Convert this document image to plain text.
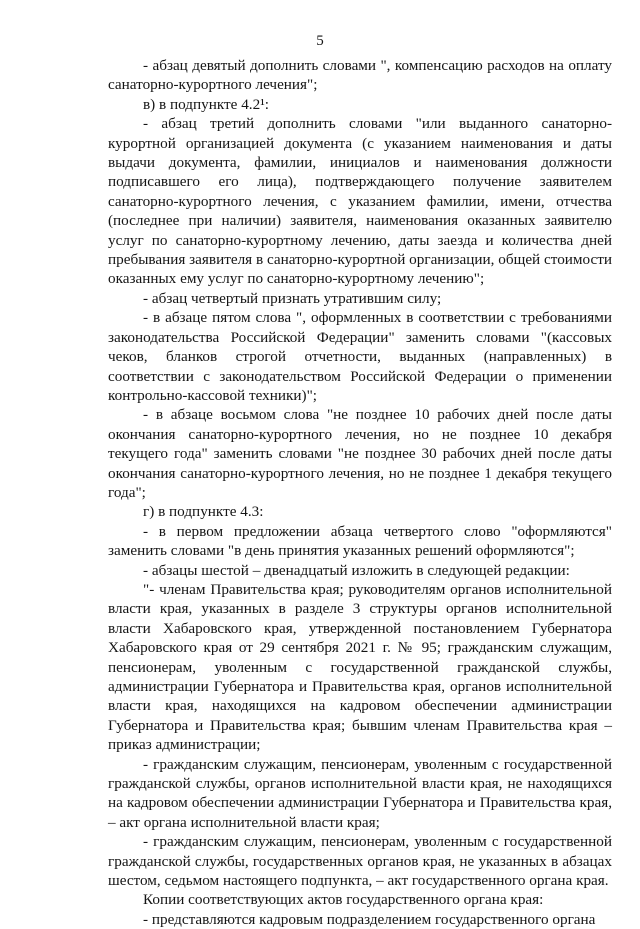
5

- абзац девятый дополнить словами ", компенсацию расходов на оплату санаторно-курортного лечения";

в) в подпункте 4.2¹:

- абзац третий дополнить словами "или выданного санаторно-курортной организацией документа (с указанием наименования и даты выдачи документа, фамилии, инициалов и наименования должности подписавшего его лица), подтверждающего получение заявителем санаторно-курортного лечения, с указанием фамилии, имени, отчества (последнее при наличии) заявителя, наименования оказанных заявителю услуг по санаторно-курортному лечению, даты заезда и количества дней пребывания заявителя в санаторно-курортной организации, общей стоимости оказанных ему услуг по санаторно-курортному лечению";

- абзац четвертый признать утратившим силу;

- в абзаце пятом слова ", оформленных в соответствии с требованиями законодательства Российской Федерации" заменить словами "(кассовых чеков, бланков строгой отчетности, выданных (направленных) в соответствии с законодательством Российской Федерации о применении контрольно-кассовой техники)";

- в абзаце восьмом слова "не позднее 10 рабочих дней после даты окончания санаторно-курортного лечения, но не позднее 10 декабря текущего года" заменить словами "не позднее 30 рабочих дней после даты окончания санаторно-курортного лечения, но не позднее 1 декабря текущего года";

г) в подпункте 4.3:

- в первом предложении абзаца четвертого слово "оформляются" заменить словами "в день принятия указанных решений оформляются";

- абзацы шестой – двенадцатый изложить в следующей редакции:

"- членам Правительства края; руководителям органов исполнительной власти края, указанных в разделе 3 структуры органов исполнительной власти Хабаровского края, утвержденной постановлением Губернатора Хабаровского края от 29 сентября 2021 г. № 95; гражданским служащим, пенсионерам, уволенным с государственной гражданской службы, администрации Губернатора и Правительства края, органов исполнительной власти края, находящихся на кадровом обеспечении администрации Губернатора и Правительства края; бывшим членам Правительства края – приказ администрации;

- гражданским служащим, пенсионерам, уволенным с государственной гражданской службы, органов исполнительной власти края, не находящихся на кадровом обеспечении администрации Губернатора и Правительства края, – акт органа исполнительной власти края;

- гражданским служащим, пенсионерам, уволенным с государственной гражданской службы, государственных органов края, не указанных в абзацах шестом, седьмом настоящего подпункта, – акт государственного органа края.

Копии соответствующих актов государственного органа края:

- представляются кадровым подразделением государственного органа
